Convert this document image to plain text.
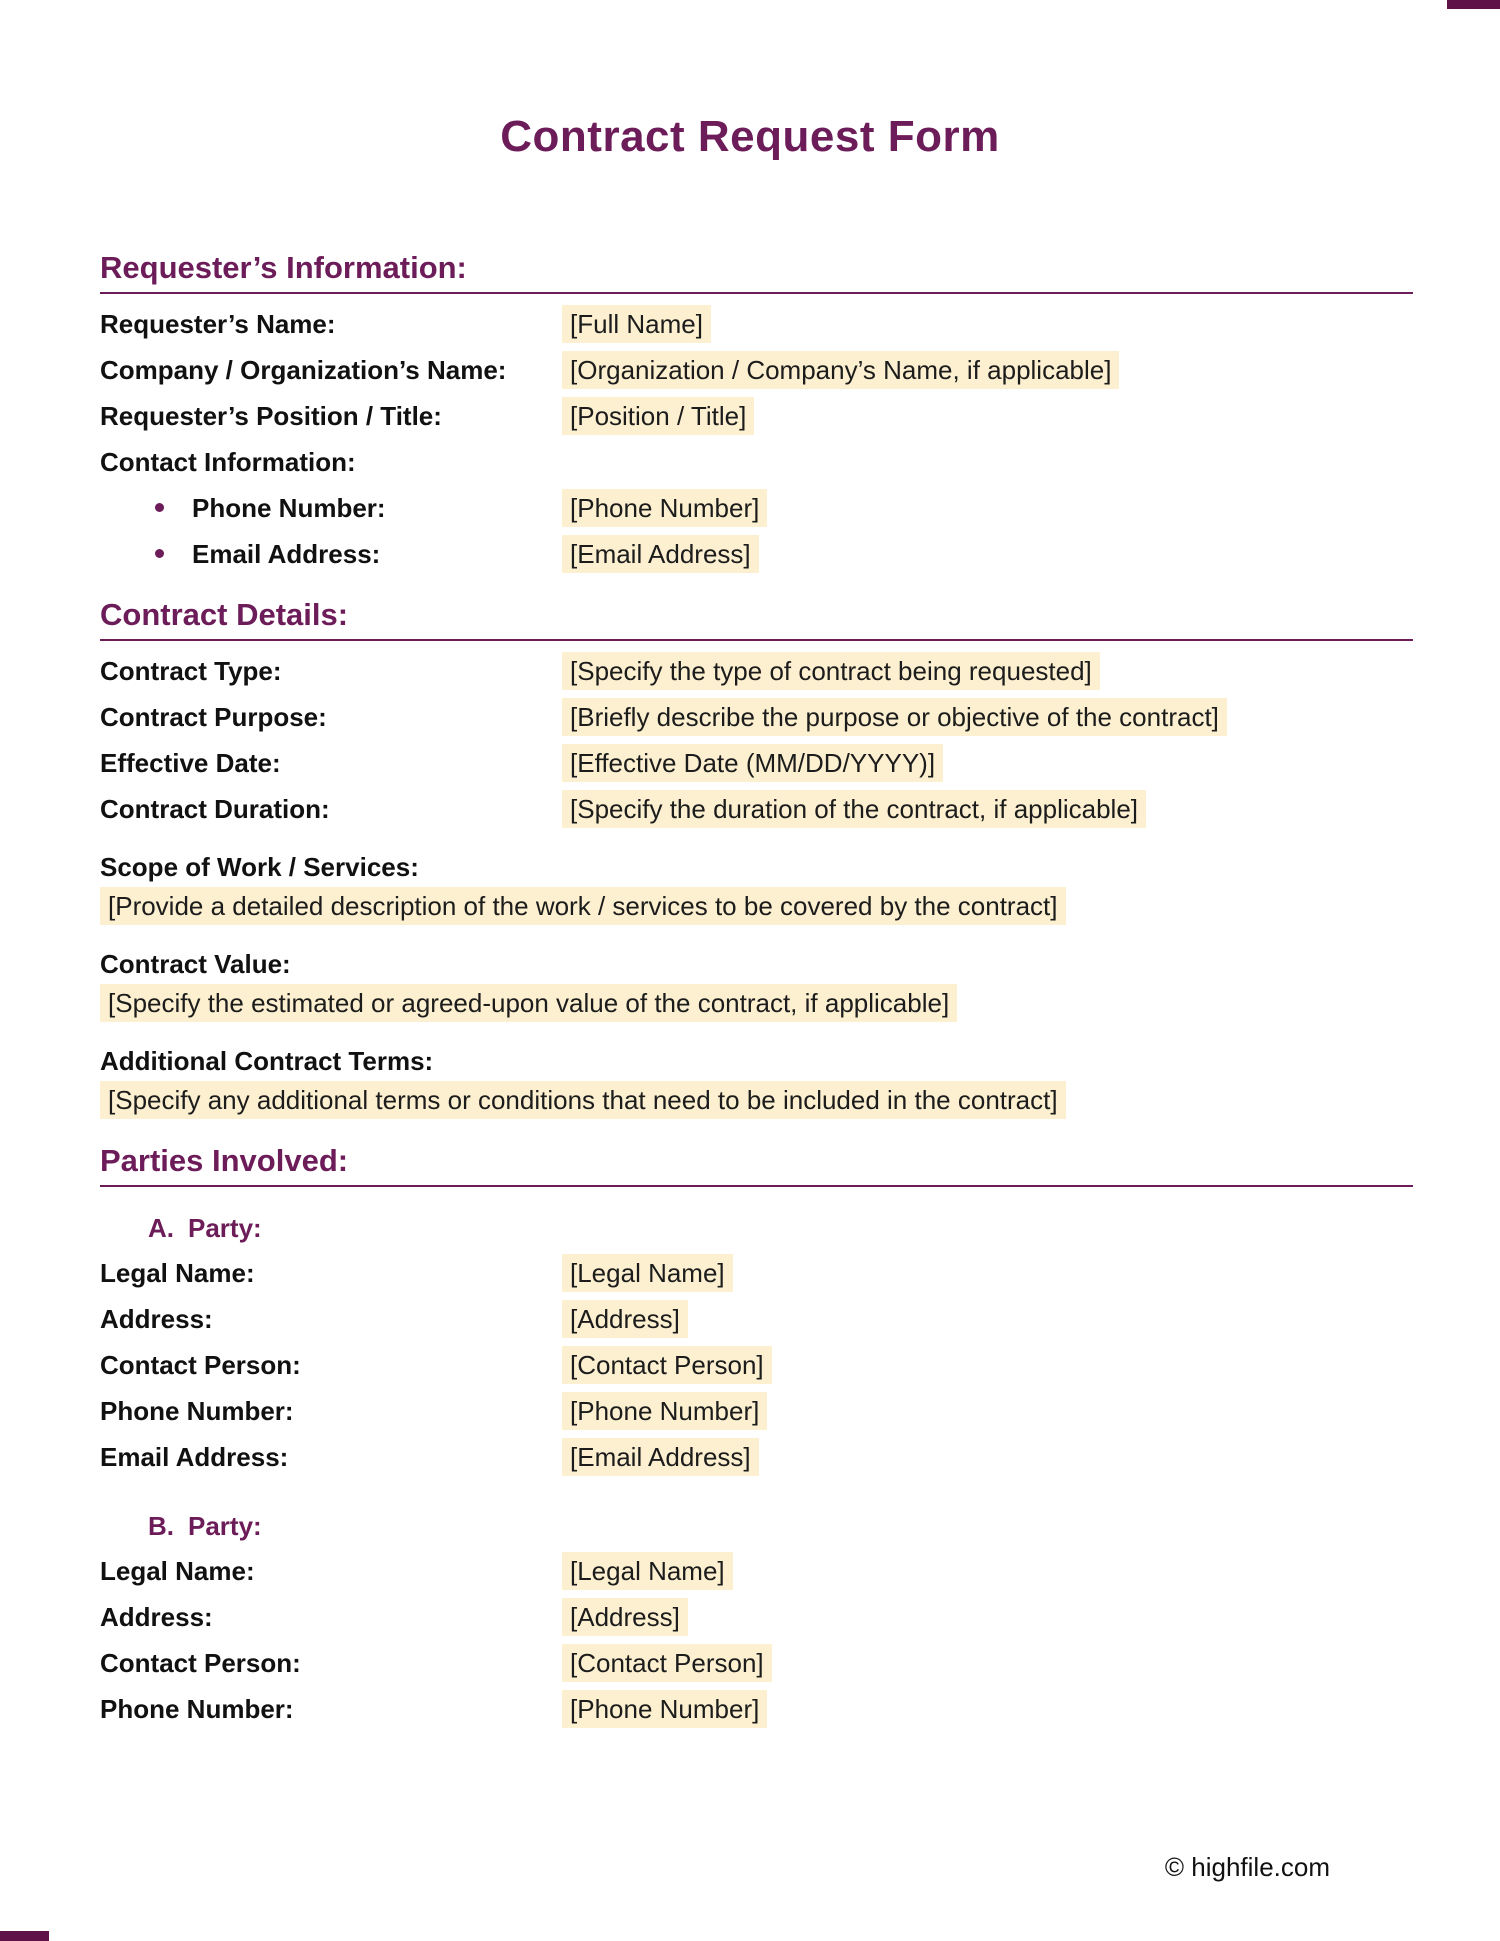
Contract Request Form
Requester’s Information:
Requester’s Name:	[Full Name]
Company / Organization’s Name:	[Organization / Company’s Name, if applicable]
Requester’s Position / Title:	[Position / Title]
Contact Information:
Phone Number:	[Phone Number]
Email Address:	[Email Address]
Contract Details:
Contract Type:	[Specify the type of contract being requested]
Contract Purpose:	[Briefly describe the purpose or objective of the contract]
Effective Date:	[Effective Date (MM/DD/YYYY)]
Contract Duration:	[Specify the duration of the contract, if applicable]
Scope of Work / Services:
[Provide a detailed description of the work / services to be covered by the contract]
Contract Value:
[Specify the estimated or agreed-upon value of the contract, if applicable]
Additional Contract Terms:
[Specify any additional terms or conditions that need to be included in the contract]
Parties Involved:
A. Party:
Legal Name:	[Legal Name]
Address:	[Address]
Contact Person:	[Contact Person]
Phone Number:	[Phone Number]
Email Address:	[Email Address]
B. Party:
Legal Name:	[Legal Name]
Address:	[Address]
Contact Person:	[Contact Person]
Phone Number:	[Phone Number]
© highfile.com
